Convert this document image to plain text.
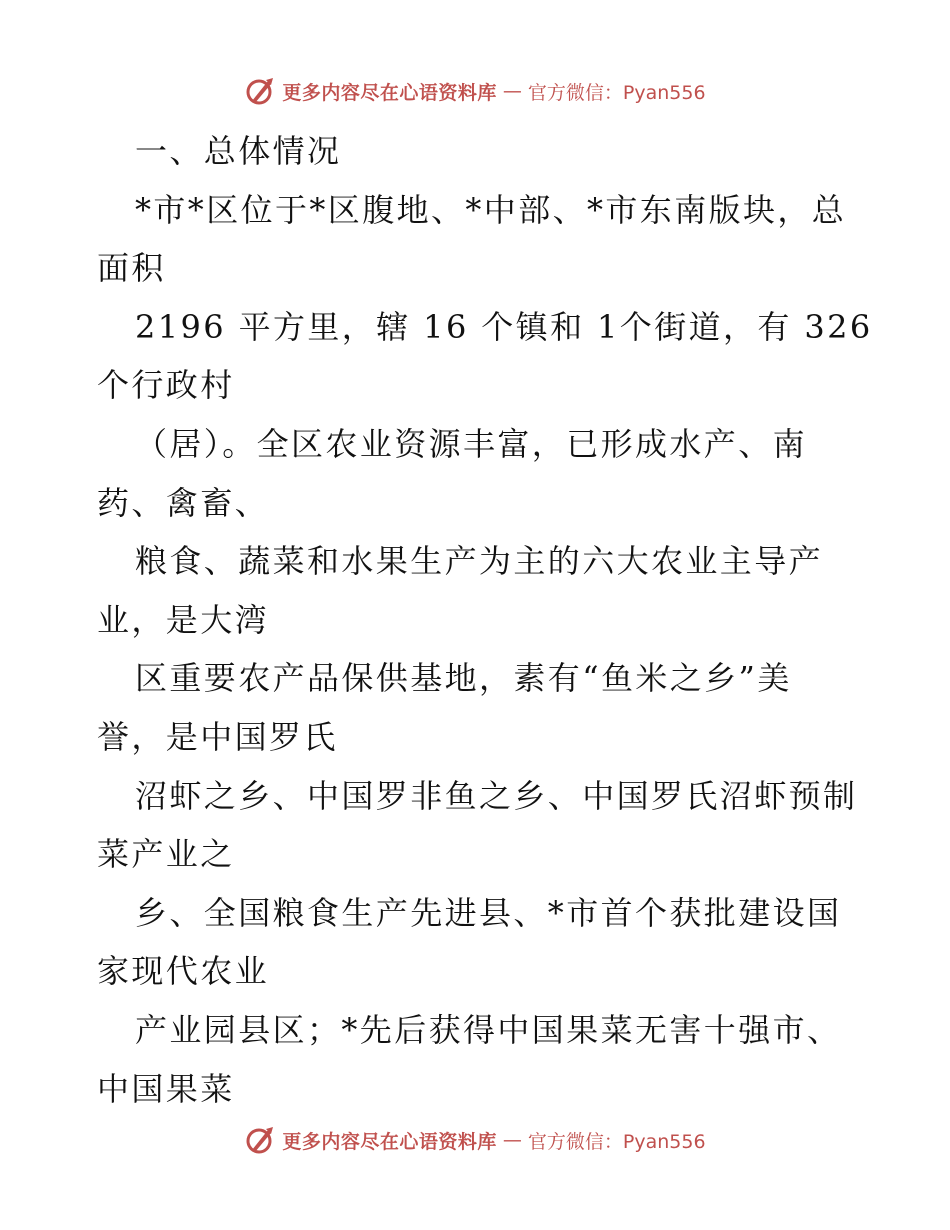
更多内容尽在心语资料库 — 官方微信：Pyan556
一、总体情况
*市*区位于*区腹地、*中部、*市东南版块，总
面积
2196 平方里，辖 16 个镇和 1个街道，有 326
个行政村
（居）。全区农业资源丰富，已形成水产、南
药、禽畜、
粮食、蔬菜和水果生产为主的六大农业主导产
业，是大湾
区重要农产品保供基地，素有“鱼米之乡”美
誉，是中国罗氏
沼虾之乡、中国罗非鱼之乡、中国罗氏沼虾预制
菜产业之
乡、全国粮食生产先进县、*市首个获批建设国
家现代农业
产业园县区；*先后获得中国果菜无害十强市、
中国果菜
更多内容尽在心语资料库 — 官方微信：Pyan556
